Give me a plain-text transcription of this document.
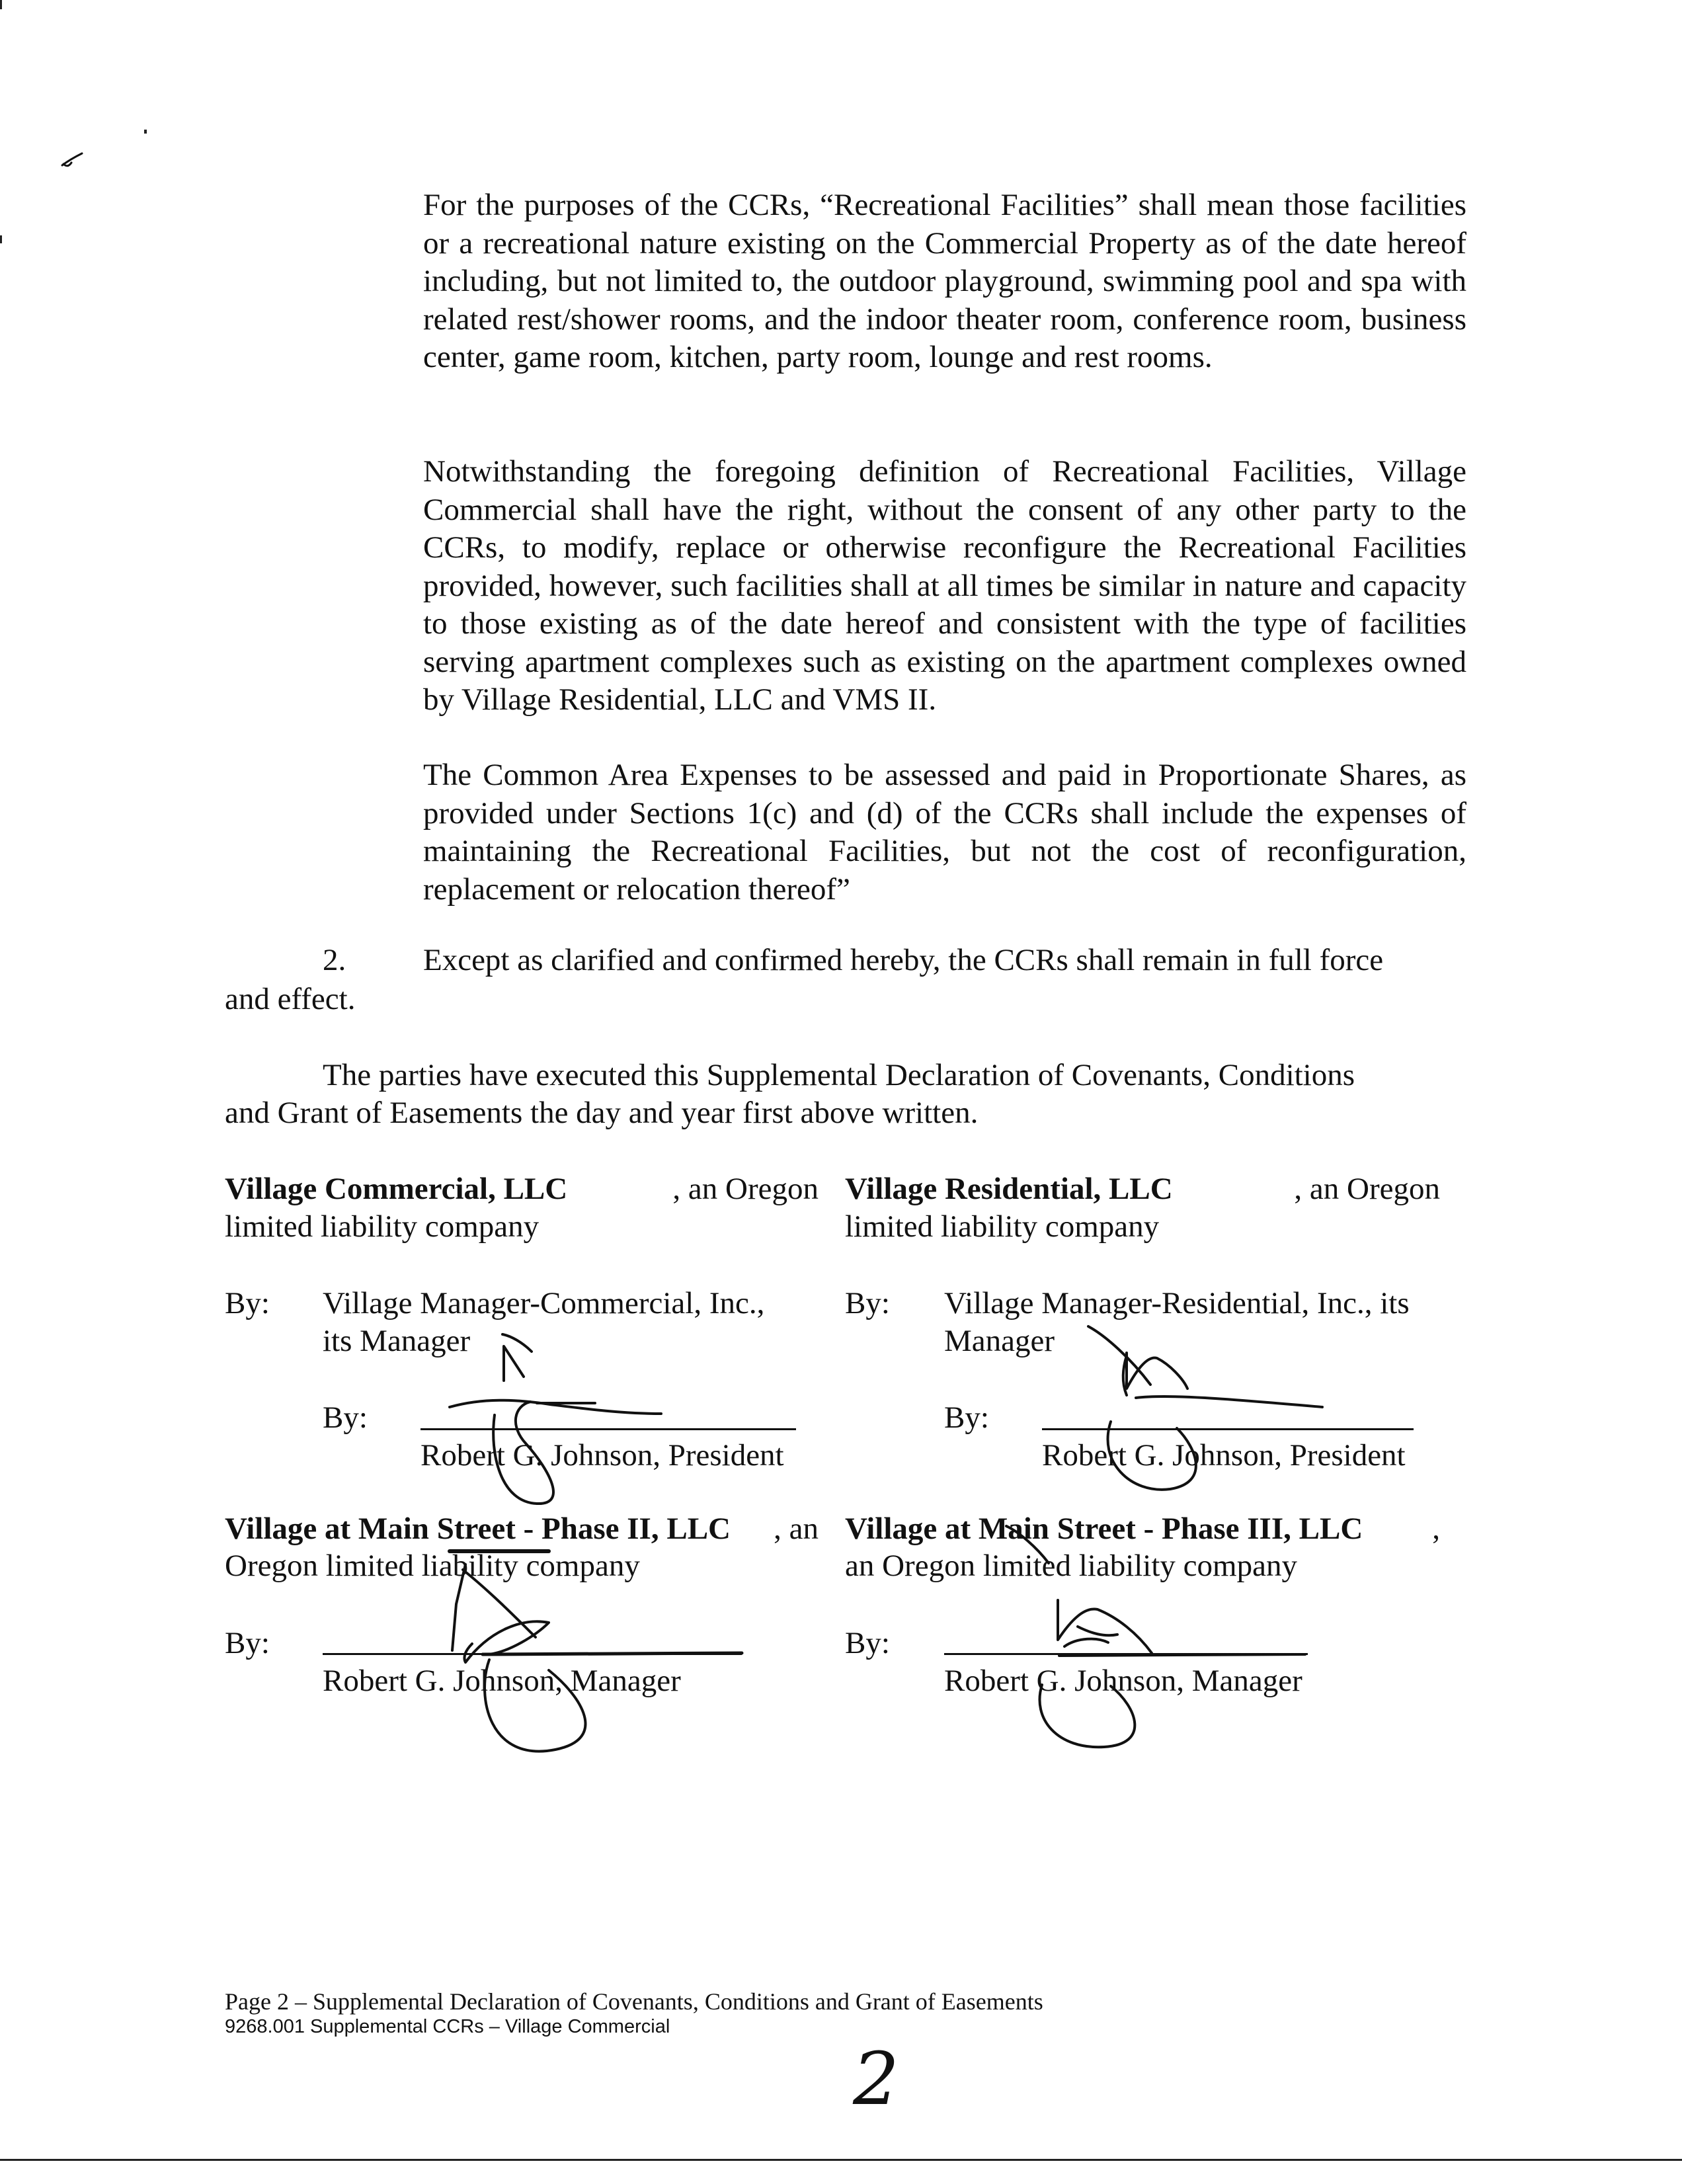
For the purposes of the CCRs, “Recreational Facilities” shall mean those facilities or a recreational nature existing on the Commercial Property as of the date hereof including, but not limited to, the outdoor playground, swimming pool and spa with related rest/shower rooms, and the indoor theater room, conference room, business center, game room, kitchen, party room, lounge and rest rooms.
Notwithstanding the foregoing definition of Recreational Facilities, Village Commercial shall have the right, without the consent of any other party to the CCRs, to modify, replace or otherwise reconfigure the Recreational Facilities provided, however, such facilities shall at all times be similar in nature and capacity to those existing as of the date hereof and consistent with the type of facilities serving apartment complexes such as existing on the apartment complexes owned by Village Residential, LLC and VMS II.
The Common Area Expenses to be assessed and paid in Proportionate Shares, as provided under Sections 1(c) and (d) of the CCRs shall include the expenses of maintaining the Recreational Facilities, but not the cost of reconfiguration, replacement or relocation thereof”
2. Except as clarified and confirmed hereby, the CCRs shall remain in full force
and effect.
The parties have executed this Supplemental Declaration of Covenants, Conditions
and Grant of Easements the day and year first above written.
Village Commercial, LLC	, an Oregon
limited liability company
By: Village Manager-Commercial, Inc.,
its Manager
By:
Robert G. Johnson, President
Village Residential, LLC	, an Oregon
limited liability company
By: Village Manager-Residential, Inc., its
Manager
By:
Robert G. Johnson, President
Village at Main Street - Phase II, LLC , an
Oregon limited liability company
By:
Robert G. Johnson, Manager
Village at Main Street - Phase III, LLC ,
an Oregon limited liability company
By:
Robert G. Johnson, Manager
Page 2 – Supplemental Declaration of Covenants, Conditions and Grant of Easements
9268.001 Supplemental CCRs – Village Commercial
2
